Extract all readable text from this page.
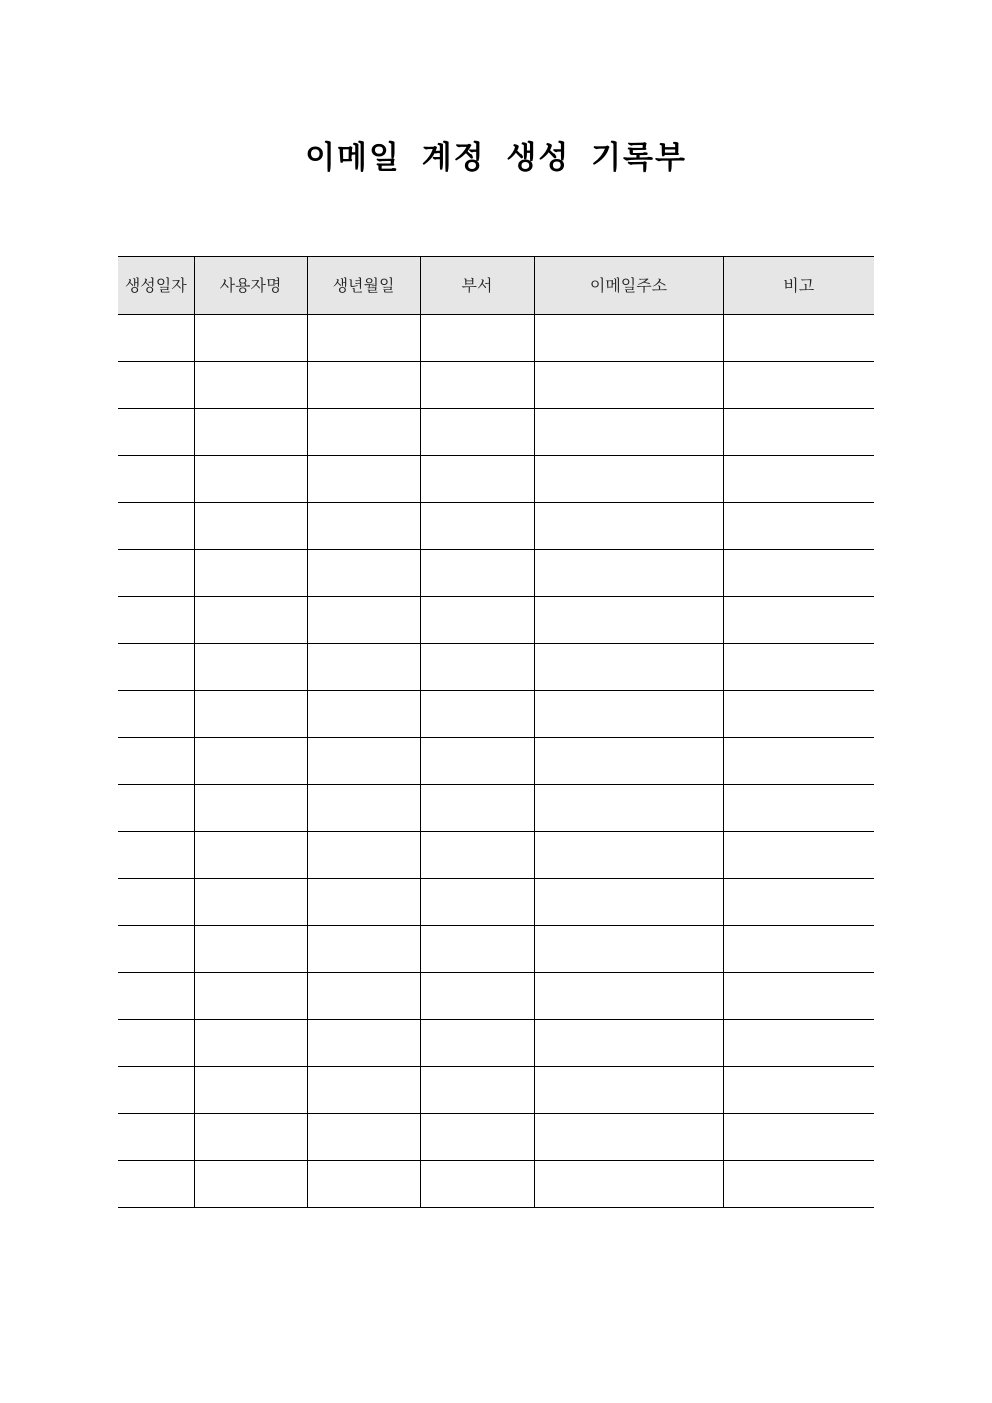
이메일 계정 생성 기록부
생성일자	사용자명	생년월일	부서	이메일주소	비고
